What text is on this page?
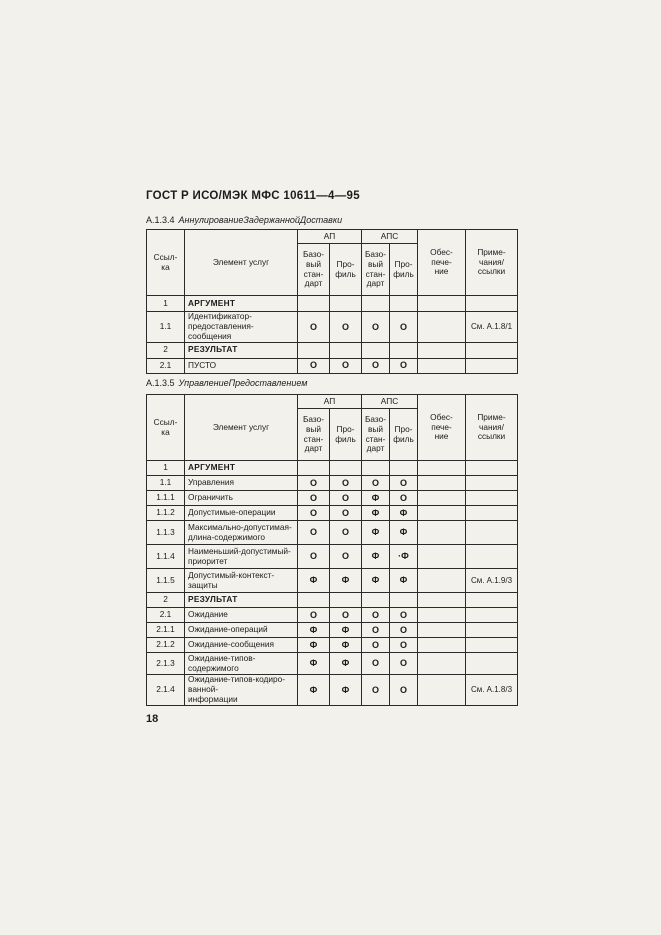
ГОСТ Р ИСО/МЭК МФС 10611—4—95
А.1.3.4 АннулированиеЗадержаннойДоставки
Ссыл-
ка	Элемент услуг	АП		АПС		Обес-
пече-
ние	Приме-
чания/
ссылки
		Базо-
вый
стан-
дарт	Про-
филь	Базо-
вый
стан-
дарт	Про-
филь		
1	АРГУМЕНТ						
1.1	Идентификатор-
предоставления-сообщения	О	О	О	О		См. А.1.8/1
2	РЕЗУЛЬТАТ						
2.1	ПУСТО	О	О	О	О		
А.1.3.5 УправлениеПредоставлением
Ссыл-
ка	Элемент услуг	АП		АПС		Обес-
пече-
ние	Приме-
чания/
ссылки
		Базо-
вый
стан-
дарт	Про-
филь	Базо-
вый
стан-
дарт	Про-
филь		
1	АРГУМЕНТ						
1.1	Управления	О	О	О	О		
1.1.1	Ограничить	О	О	Ф	О		
1.1.2	Допустимые-операции	О	О	Ф	Ф		
1.1.3	Максимально-допустимая-
длина-содержимого	О	О	Ф	Ф		
1.1.4	Наименьший-допустимый-
приоритет	О	О	Ф	·Ф		
1.1.5	Допустимый-контекст-
защиты	Ф	Ф	Ф	Ф		См. А.1.9/3
2	РЕЗУЛЬТАТ						
2.1	Ожидание	О	О	О	О		
2.1.1	Ожидание-операций	Ф	Ф	О	О		
2.1.2	Ожидание-сообщения	Ф	Ф	О	О		
2.1.3	Ожидание-типов-
содержимого	Ф	Ф	О	О		
2.1.4	Ожидание-типов-кодиро-
ванной-
информации	Ф	Ф	О	О		См. А.1.8/3
18
